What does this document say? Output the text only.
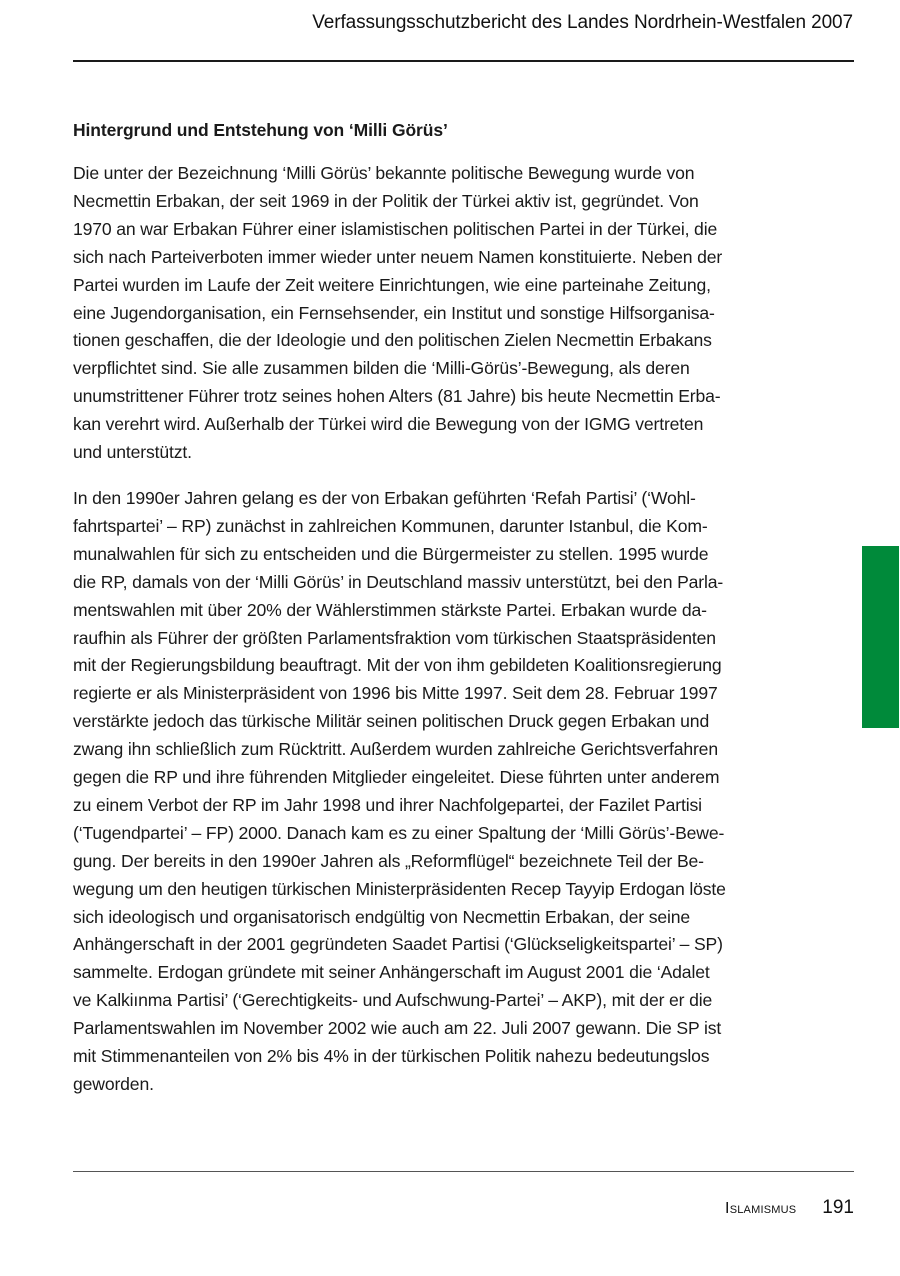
Verfassungsschutzbericht des Landes Nordrhein-Westfalen 2007
Hintergrund und Entstehung von ‘Milli Görüs’

Die unter der Bezeichnung ‘Milli Görüs’ bekannte politische Bewegung wurde von
Necmettin Erbakan, der seit 1969 in der Politik der Türkei aktiv ist, gegründet. Von
1970 an war Erbakan Führer einer islamistischen politischen Partei in der Türkei, die
sich nach Parteiverboten immer wieder unter neuem Namen konstituierte. Neben der
Partei wurden im Laufe der Zeit weitere Einrichtungen, wie eine parteinahe Zeitung,
eine Jugendorganisation, ein Fernsehsender, ein Institut und sonstige Hilfsorganisa-
tionen geschaffen, die der Ideologie und den politischen Zielen Necmettin Erbakans
verpflichtet sind. Sie alle zusammen bilden die ‘Milli-Görüs’-Bewegung, als deren
unumstrittener Führer trotz seines hohen Alters (81 Jahre) bis heute Necmettin Erba-
kan verehrt wird. Außerhalb der Türkei wird die Bewegung von der IGMG vertreten
und unterstützt.

In den 1990er Jahren gelang es der von Erbakan geführten ‘Refah Partisi’ (‘Wohl-
fahrtspartei’ – RP) zunächst in zahlreichen Kommunen, darunter Istanbul, die Kom-
munalwahlen für sich zu entscheiden und die Bürgermeister zu stellen. 1995 wurde
die RP, damals von der ‘Milli Görüs’ in Deutschland massiv unterstützt, bei den Parla-
mentswahlen mit über 20% der Wählerstimmen stärkste Partei. Erbakan wurde da-
raufhin als Führer der größten Parlamentsfraktion vom türkischen Staatspräsidenten
mit der Regierungsbildung beauftragt. Mit der von ihm gebildeten Koalitionsregierung
regierte er als Ministerpräsident von 1996 bis Mitte 1997. Seit dem 28. Februar 1997
verstärkte jedoch das türkische Militär seinen politischen Druck gegen Erbakan und
zwang ihn schließlich zum Rücktritt. Außerdem wurden zahlreiche Gerichtsverfahren
gegen die RP und ihre führenden Mitglieder eingeleitet. Diese führten unter anderem
zu einem Verbot der RP im Jahr 1998 und ihrer Nachfolgepartei, der Fazilet Partisi
(‘Tugendpartei’ – FP) 2000. Danach kam es zu einer Spaltung der ‘Milli Görüs’-Bewe-
gung. Der bereits in den 1990er Jahren als „Reformflügel“ bezeichnete Teil der Be-
wegung um den heutigen türkischen Ministerpräsidenten Recep Tayyip Erdogan löste
sich ideologisch und organisatorisch endgültig von Necmettin Erbakan, der seine
Anhängerschaft in der 2001 gegründeten Saadet Partisi (‘Glückseligkeitspartei’ – SP)
sammelte. Erdogan gründete mit seiner Anhängerschaft im August 2001 die ‘Adalet
ve Kalkiınma Partisi’ (‘Gerechtigkeits- und Aufschwung-Partei’ – AKP), mit der er die
Parlamentswahlen im November 2002 wie auch am 22. Juli 2007 gewann. Die SP ist
mit Stimmenanteilen von 2% bis 4% in der türkischen Politik nahezu bedeutungslos
geworden.

Islamismus 191
